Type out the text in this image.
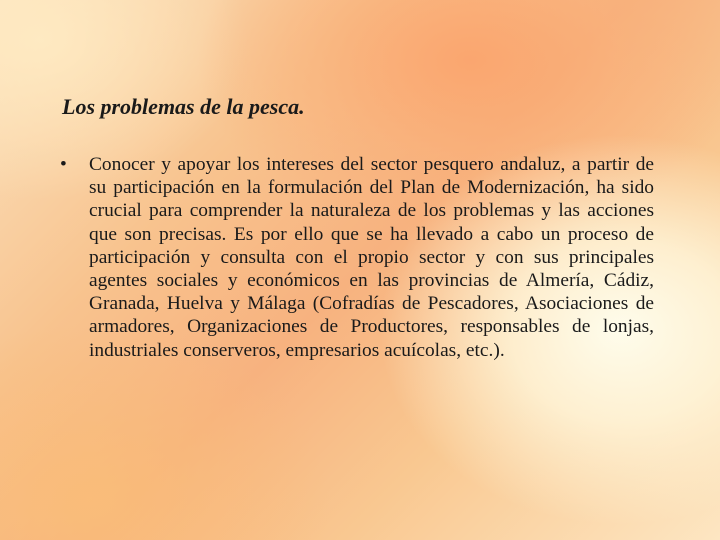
Los problemas de la pesca.
• Conocer y apoyar los intereses del sector pesquero andaluz, a partir de su participación en la formulación del Plan de Modernización, ha sido crucial para comprender la naturaleza de los problemas y las acciones que son precisas. Es por ello que se ha llevado a cabo un proceso de participación y consulta con el propio sector y con sus principales agentes sociales y económicos en las provincias de Almería, Cádiz, Granada, Huelva y Málaga (Cofradías de Pescadores, Asociaciones de armadores, Organizaciones de Productores, responsables de lonjas, industriales conserveros, empresarios acuícolas, etc.).
